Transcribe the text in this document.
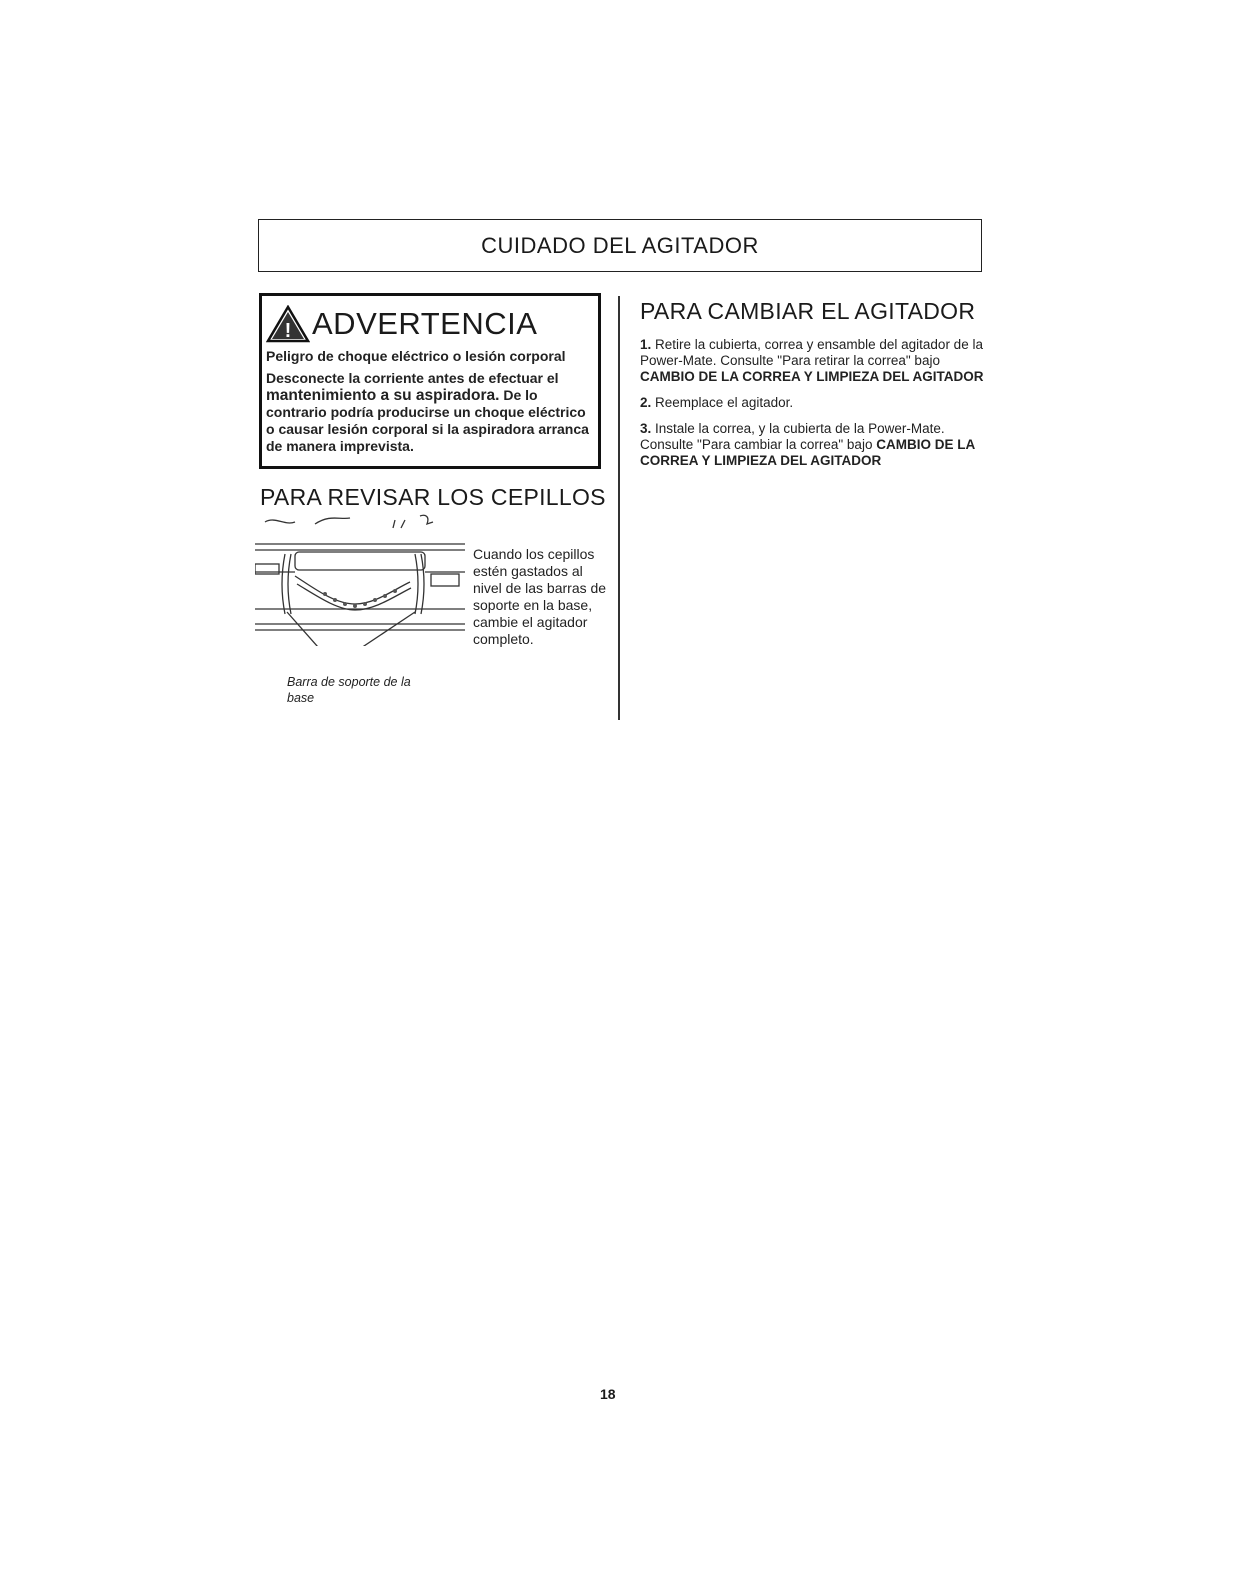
CUIDADO DEL AGITADOR
! ADVERTENCIA

Peligro de choque eléctrico o lesión corporal

Desconecte la corriente antes de efectuar el mantenimiento a su aspiradora. De lo contrario podría producirse un choque eléctrico o causar lesión corporal si la aspiradora arranca de manera imprevista.

PARA REVISAR LOS CEPILLOS

Cuando los cepillos estén gastados al nivel de las barras de soporte en la base, cambie el agitador completo.

Barra de soporte de la base

PARA CAMBIAR EL AGITADOR

1. Retire la cubierta, correa y ensamble del agitador de la Power-Mate. Consulte "Para retirar la correa" bajo CAMBIO DE LA CORREA Y LIMPIEZA DEL AGITADOR

2. Reemplace el agitador.

3. Instale la correa, y la cubierta de la Power-Mate. Consulte "Para cambiar la correa" bajo CAMBIO DE LA CORREA Y LIMPIEZA DEL AGITADOR

18
